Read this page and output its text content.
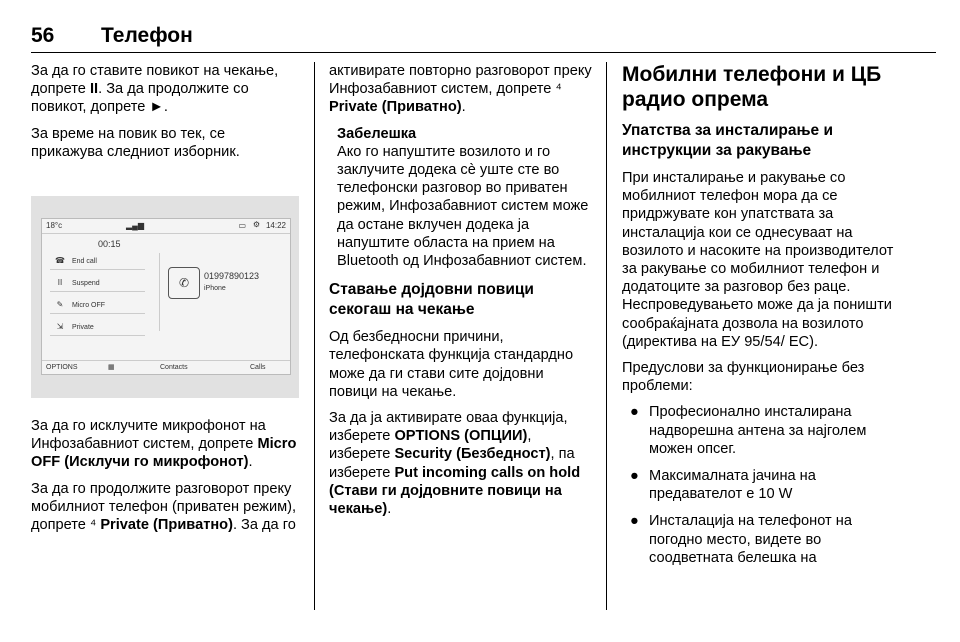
56 Телефон

За да го ставите повикот на чекање, допрете II. За да продолжите со повикот, допрете ►.

За време на повик во тек, се прикажува следниот изборник.

18°c	▂▄▆	▭ ⚙ 14:22
00:15
☎ End call
II	Suspend
✎	Micro OFF
⇲	Private
✆	01997890123
iPhone
OPTIONS	▦	Contacts	Calls

За да го исклучите микрофонот на Инфозабавниот систем, допрете Micro OFF (Исклучи го микрофонот).

За да го продолжите разговорот преку мобилниот телефон (приватен режим), допрете ⁴ Private (Приватно). За да го

активирате повторно разговорот преку Инфозабавниот систем, допрете ⁴ Private (Приватно).

Забелешка
Ако го напуштите возилото и го заклучите додека сè уште сте во телефонски разговор во приватен режим, Инфозабавниот систем може да остане вклучен додека ја напуштите областа на прием на Bluetooth од Инфозабавниот систем.
Ставање дојдовни повици секогаш на чекање

Од безбедносни причини, телефонската функција стандардно може да ги стави сите дојдовни повици на чекање.

За да ја активирате оваа функција, изберете OPTIONS (ОПЦИИ), изберете Security (Безбедност), па изберете Put incoming calls on hold (Стави ги дојдовните повици на чекање).

Мобилни телефони и ЦБ радио опрема
Упатства за инсталирање и инструкции за ракување

При инсталирање и ракување со мобилниот телефон мора да се придржувате кон упатствата за инсталација кои се однесуваат на возилото и насоките на производителот за ракување со мобилниот телефон и додатоците за разговор без раце. Неспроведувањето може да ја поништи сообраќајната дозвола на возилото (директива на ЕУ 95/54/ ЕС).

Предуслови за функционирање без проблеми:

● Професионално инсталирана надворешна антена за најголем можен опсег.
● Максималната јачина на предавателот е 10 W
● Инсталација на телефонот на погодно место, видете во соодветната белешка на
